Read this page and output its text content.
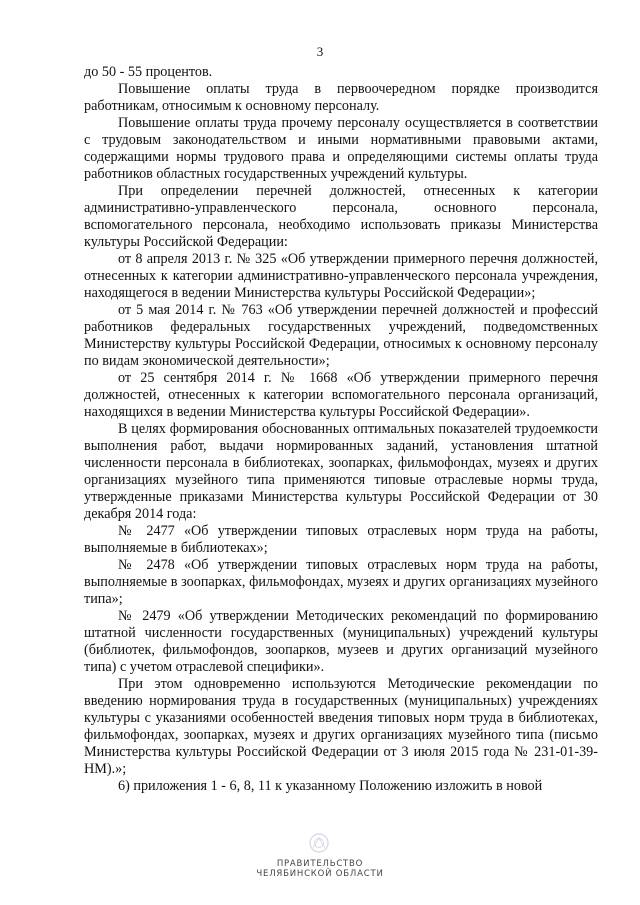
3

до 50 - 55 процентов.

Повышение оплаты труда в первоочередном порядке производится работникам, относимым к основному персоналу.

Повышение оплаты труда прочему персоналу осуществляется в соответствии с трудовым законодательством и иными нормативными правовыми актами, содержащими нормы трудового права и определяющими системы оплаты труда работников областных государственных учреждений культуры.

При определении перечней должностей, отнесенных к категории административно-управленческого персонала, основного персонала, вспомогательного персонала, необходимо использовать приказы Министерства культуры Российской Федерации:

от 8 апреля 2013 г. № 325 «Об утверждении примерного перечня должностей, отнесенных к категории административно-управленческого персонала учреждения, находящегося в ведении Министерства культуры Российской Федерации»;

от 5 мая 2014 г. № 763 «Об утверждении перечней должностей и профессий работников федеральных государственных учреждений, подведомственных Министерству культуры Российской Федерации, относимых к основному персоналу по видам экономической деятельности»;

от 25 сентября 2014 г. № 1668 «Об утверждении примерного перечня должностей, отнесенных к категории вспомогательного персонала организаций, находящихся в ведении Министерства культуры Российской Федерации».

В целях формирования обоснованных оптимальных показателей трудоемкости выполнения работ, выдачи нормированных заданий, установления штатной численности персонала в библиотеках, зоопарках, фильмофондах, музеях и других организациях музейного типа применяются типовые отраслевые нормы труда, утвержденные приказами Министерства культуры Российской Федерации от 30 декабря 2014 года:

№ 2477 «Об утверждении типовых отраслевых норм труда на работы, выполняемые в библиотеках»;

№ 2478 «Об утверждении типовых отраслевых норм труда на работы, выполняемые в зоопарках, фильмофондах, музеях и других организациях музейного типа»;

№ 2479 «Об утверждении Методических рекомендаций по формированию штатной численности государственных (муниципальных) учреждений культуры (библиотек, фильмофондов, зоопарков, музеев и других организаций музейного типа) с учетом отраслевой специфики».

При этом одновременно используются Методические рекомендации по введению нормирования труда в государственных (муниципальных) учреждениях культуры с указаниями особенностей введения типовых норм труда в библиотеках, фильмофондах, зоопарках, музеях и других организациях музейного типа (письмо Министерства культуры Российской Федерации от 3 июля 2015 года № 231-01-39-НМ).»;

6) приложения 1 - 6, 8, 11 к указанному Положению изложить в новой

ПРАВИТЕЛЬСТВО
ЧЕЛЯБИНСКОЙ ОБЛАСТИ
